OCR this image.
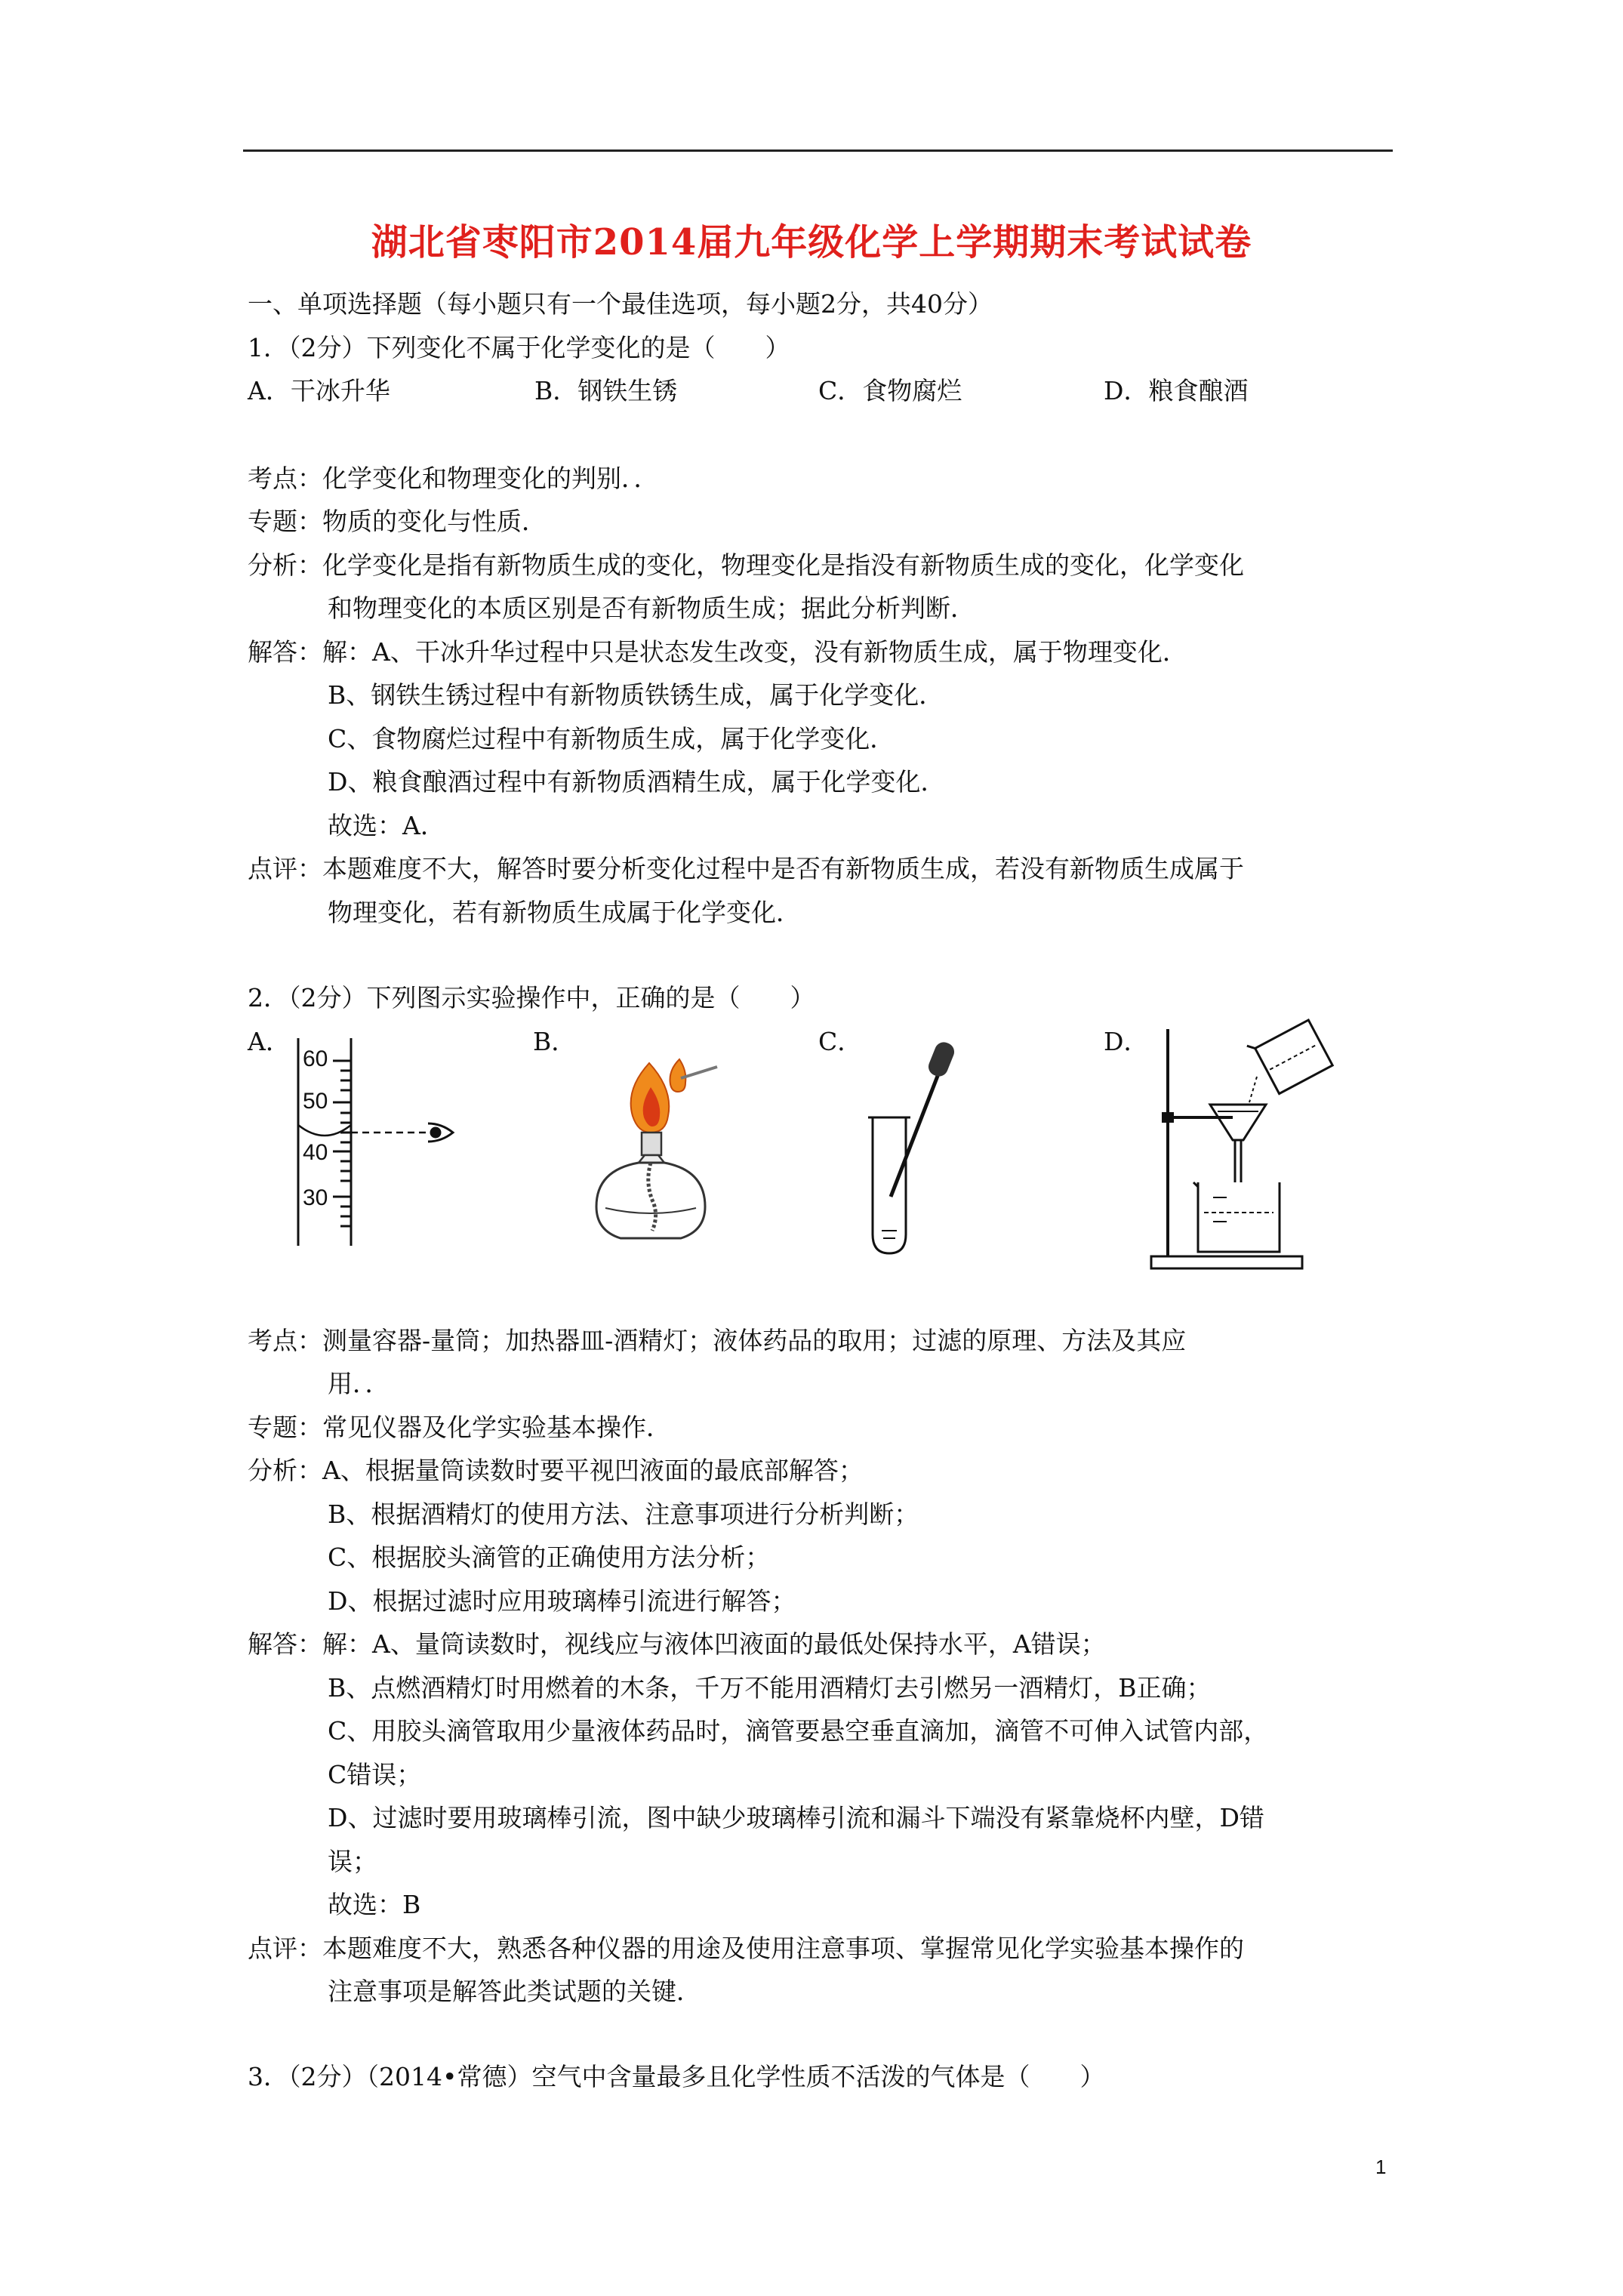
湖北省枣阳市2014届九年级化学上学期期末考试试卷
一、单项选择题（每小题只有一个最佳选项，每小题2分，共40分）
1．（2分）下列变化不属于化学变化的是（　　）
A．干冰升华	B．钢铁生锈	C．食物腐烂	D．粮食酿酒
考点：化学变化和物理变化的判别．．
专题：物质的变化与性质．
分析：化学变化是指有新物质生成的变化，物理变化是指没有新物质生成的变化，化学变化
和物理变化的本质区别是否有新物质生成；据此分析判断．
解答：解：A、干冰升华过程中只是状态发生改变，没有新物质生成，属于物理变化．
B、钢铁生锈过程中有新物质铁锈生成，属于化学变化．
C、食物腐烂过程中有新物质生成，属于化学变化．
D、粮食酿酒过程中有新物质酒精生成，属于化学变化．
故选：A．
点评：本题难度不大，解答时要分析变化过程中是否有新物质生成，若没有新物质生成属于
物理变化，若有新物质生成属于化学变化．
2．（2分）下列图示实验操作中，正确的是（　　）
A．	B．	C．	D．
60
50
40
30
考点：测量容器-量筒；加热器皿-酒精灯；液体药品的取用；过滤的原理、方法及其应
用．．
专题：常见仪器及化学实验基本操作．
分析：A、根据量筒读数时要平视凹液面的最底部解答；
B、根据酒精灯的使用方法、注意事项进行分析判断；
C、根据胶头滴管的正确使用方法分析；
D、根据过滤时应用玻璃棒引流进行解答；
解答：解：A、量筒读数时，视线应与液体凹液面的最低处保持水平，A错误；
B、点燃酒精灯时用燃着的木条，千万不能用酒精灯去引燃另一酒精灯，B正确；
C、用胶头滴管取用少量液体药品时，滴管要悬空垂直滴加，滴管不可伸入试管内部，
C错误；
D、过滤时要用玻璃棒引流，图中缺少玻璃棒引流和漏斗下端没有紧靠烧杯内壁，D错
误；
故选：B
点评：本题难度不大，熟悉各种仪器的用途及使用注意事项、掌握常见化学实验基本操作的
注意事项是解答此类试题的关键．
3．（2分）（2014•常德）空气中含量最多且化学性质不活泼的气体是（　　）
1
